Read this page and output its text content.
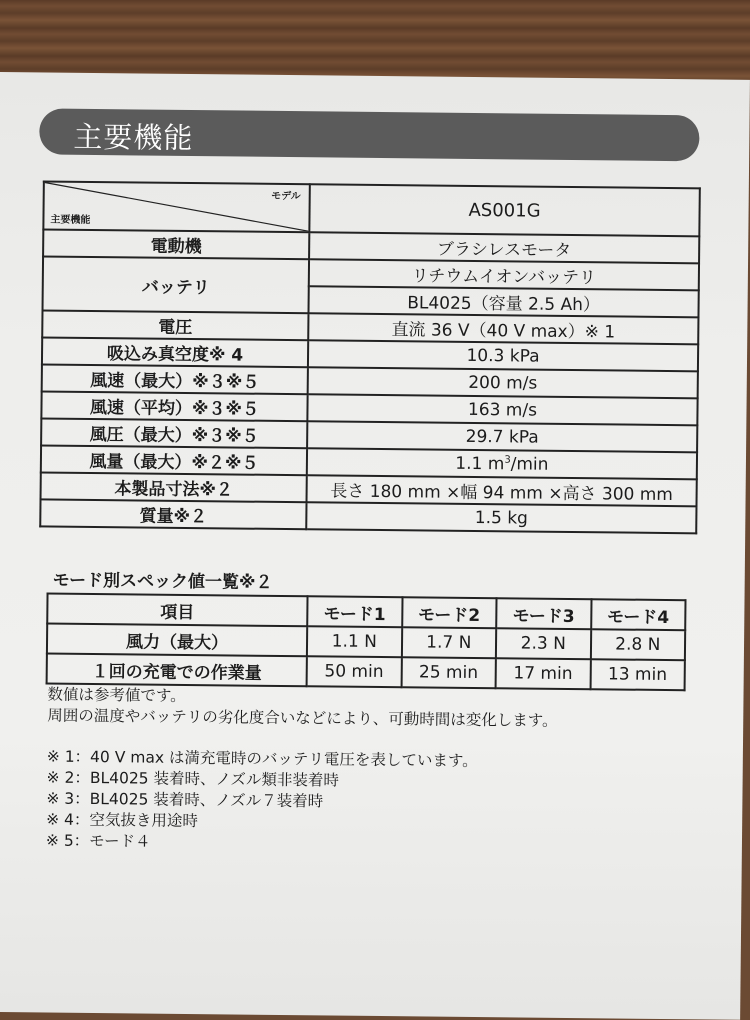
主要機能
モデル
主要機能	AS001G
電動機	ブラシレスモータ
バッテリ	リチウムイオンバッテリ
	BL4025（容量 2.5 Ah）
電圧	直流 36 V（40 V max）※ 1
吸込み真空度※ 4	10.3 kPa
風速（最大）※３※５	200 m/s
風速（平均）※３※５	163 m/s
風圧（最大）※３※５	29.7 kPa
風量（最大）※２※５	1.1 $m^3/\min$
本製品寸法※２	長さ 180 mm ×幅 94 mm ×高さ 300 mm
質量※２	1.5 kg
モード別スペック値一覧※２
項目	モード1	モード2	モード3	モード4
風力（最大）	1.1 N	1.7 N	2.3 N	2.8 N
１回の充電での作業量	50 min	25 min	17 min	13 min

数値は参考値です。

周囲の温度やバッテリの劣化度合いなどにより、可動時間は変化します。

※ 1：40 V max は満充電時のバッテリ電圧を表しています。

※ 2：BL4025 装着時、ノズル類非装着時

※ 3：BL4025 装着時、ノズル７装着時

※ 4：空気抜き用途時

※ 5：モード４
